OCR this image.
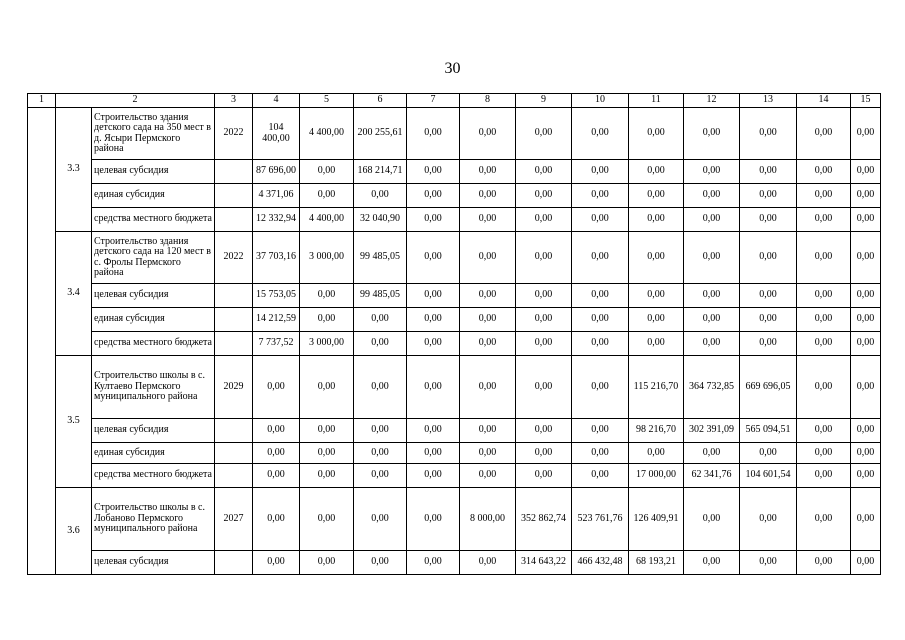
30
1	2		3	4	5	6	7	8	9	10	11	12	13	14	15	
	3.3	Строительство здания детского сада на 350 мест в д. Ясыри Пермского района	2022	104 400,00	4 400,00	200 255,61	0,00	0,00	0,00	0,00	0,00	0,00	0,00	0,00	0,00	
		целевая субсидия		87 696,00	0,00	168 214,71	0,00	0,00	0,00	0,00	0,00	0,00	0,00	0,00	0,00	
		единая субсидия		4 371,06	0,00	0,00	0,00	0,00	0,00	0,00	0,00	0,00	0,00	0,00	0,00	
		средства местного бюджета		12 332,94	4 400,00	32 040,90	0,00	0,00	0,00	0,00	0,00	0,00	0,00	0,00	0,00	
	3.4	Строительство здания детского сада на 120 мест в с. Фролы Пермского района	2022	37 703,16	3 000,00	99 485,05	0,00	0,00	0,00	0,00	0,00	0,00	0,00	0,00	0,00	
		целевая субсидия		15 753,05	0,00	99 485,05	0,00	0,00	0,00	0,00	0,00	0,00	0,00	0,00	0,00	
		единая субсидия		14 212,59	0,00	0,00	0,00	0,00	0,00	0,00	0,00	0,00	0,00	0,00	0,00	
		средства местного бюджета		7 737,52	3 000,00	0,00	0,00	0,00	0,00	0,00	0,00	0,00	0,00	0,00	0,00	
	3.5	Строительство школы в с. Култаево Пермского муниципального района	2029	0,00	0,00	0,00	0,00	0,00	0,00	0,00	115 216,70	364 732,85	669 696,05	0,00	0,00	
		целевая субсидия		0,00	0,00	0,00	0,00	0,00	0,00	0,00	98 216,70	302 391,09	565 094,51	0,00	0,00	
		единая субсидия		0,00	0,00	0,00	0,00	0,00	0,00	0,00	0,00	0,00	0,00	0,00	0,00	
		средства местного бюджета		0,00	0,00	0,00	0,00	0,00	0,00	0,00	17 000,00	62 341,76	104 601,54	0,00	0,00	
	3.6	Строительство школы в с. Лобаново Пермского муниципального района	2027	0,00	0,00	0,00	0,00	8 000,00	352 862,74	523 761,76	126 409,91	0,00	0,00	0,00	0,00	
		целевая субсидия		0,00	0,00	0,00	0,00	0,00	314 643,22	466 432,48	68 193,21	0,00	0,00	0,00	0,00	
